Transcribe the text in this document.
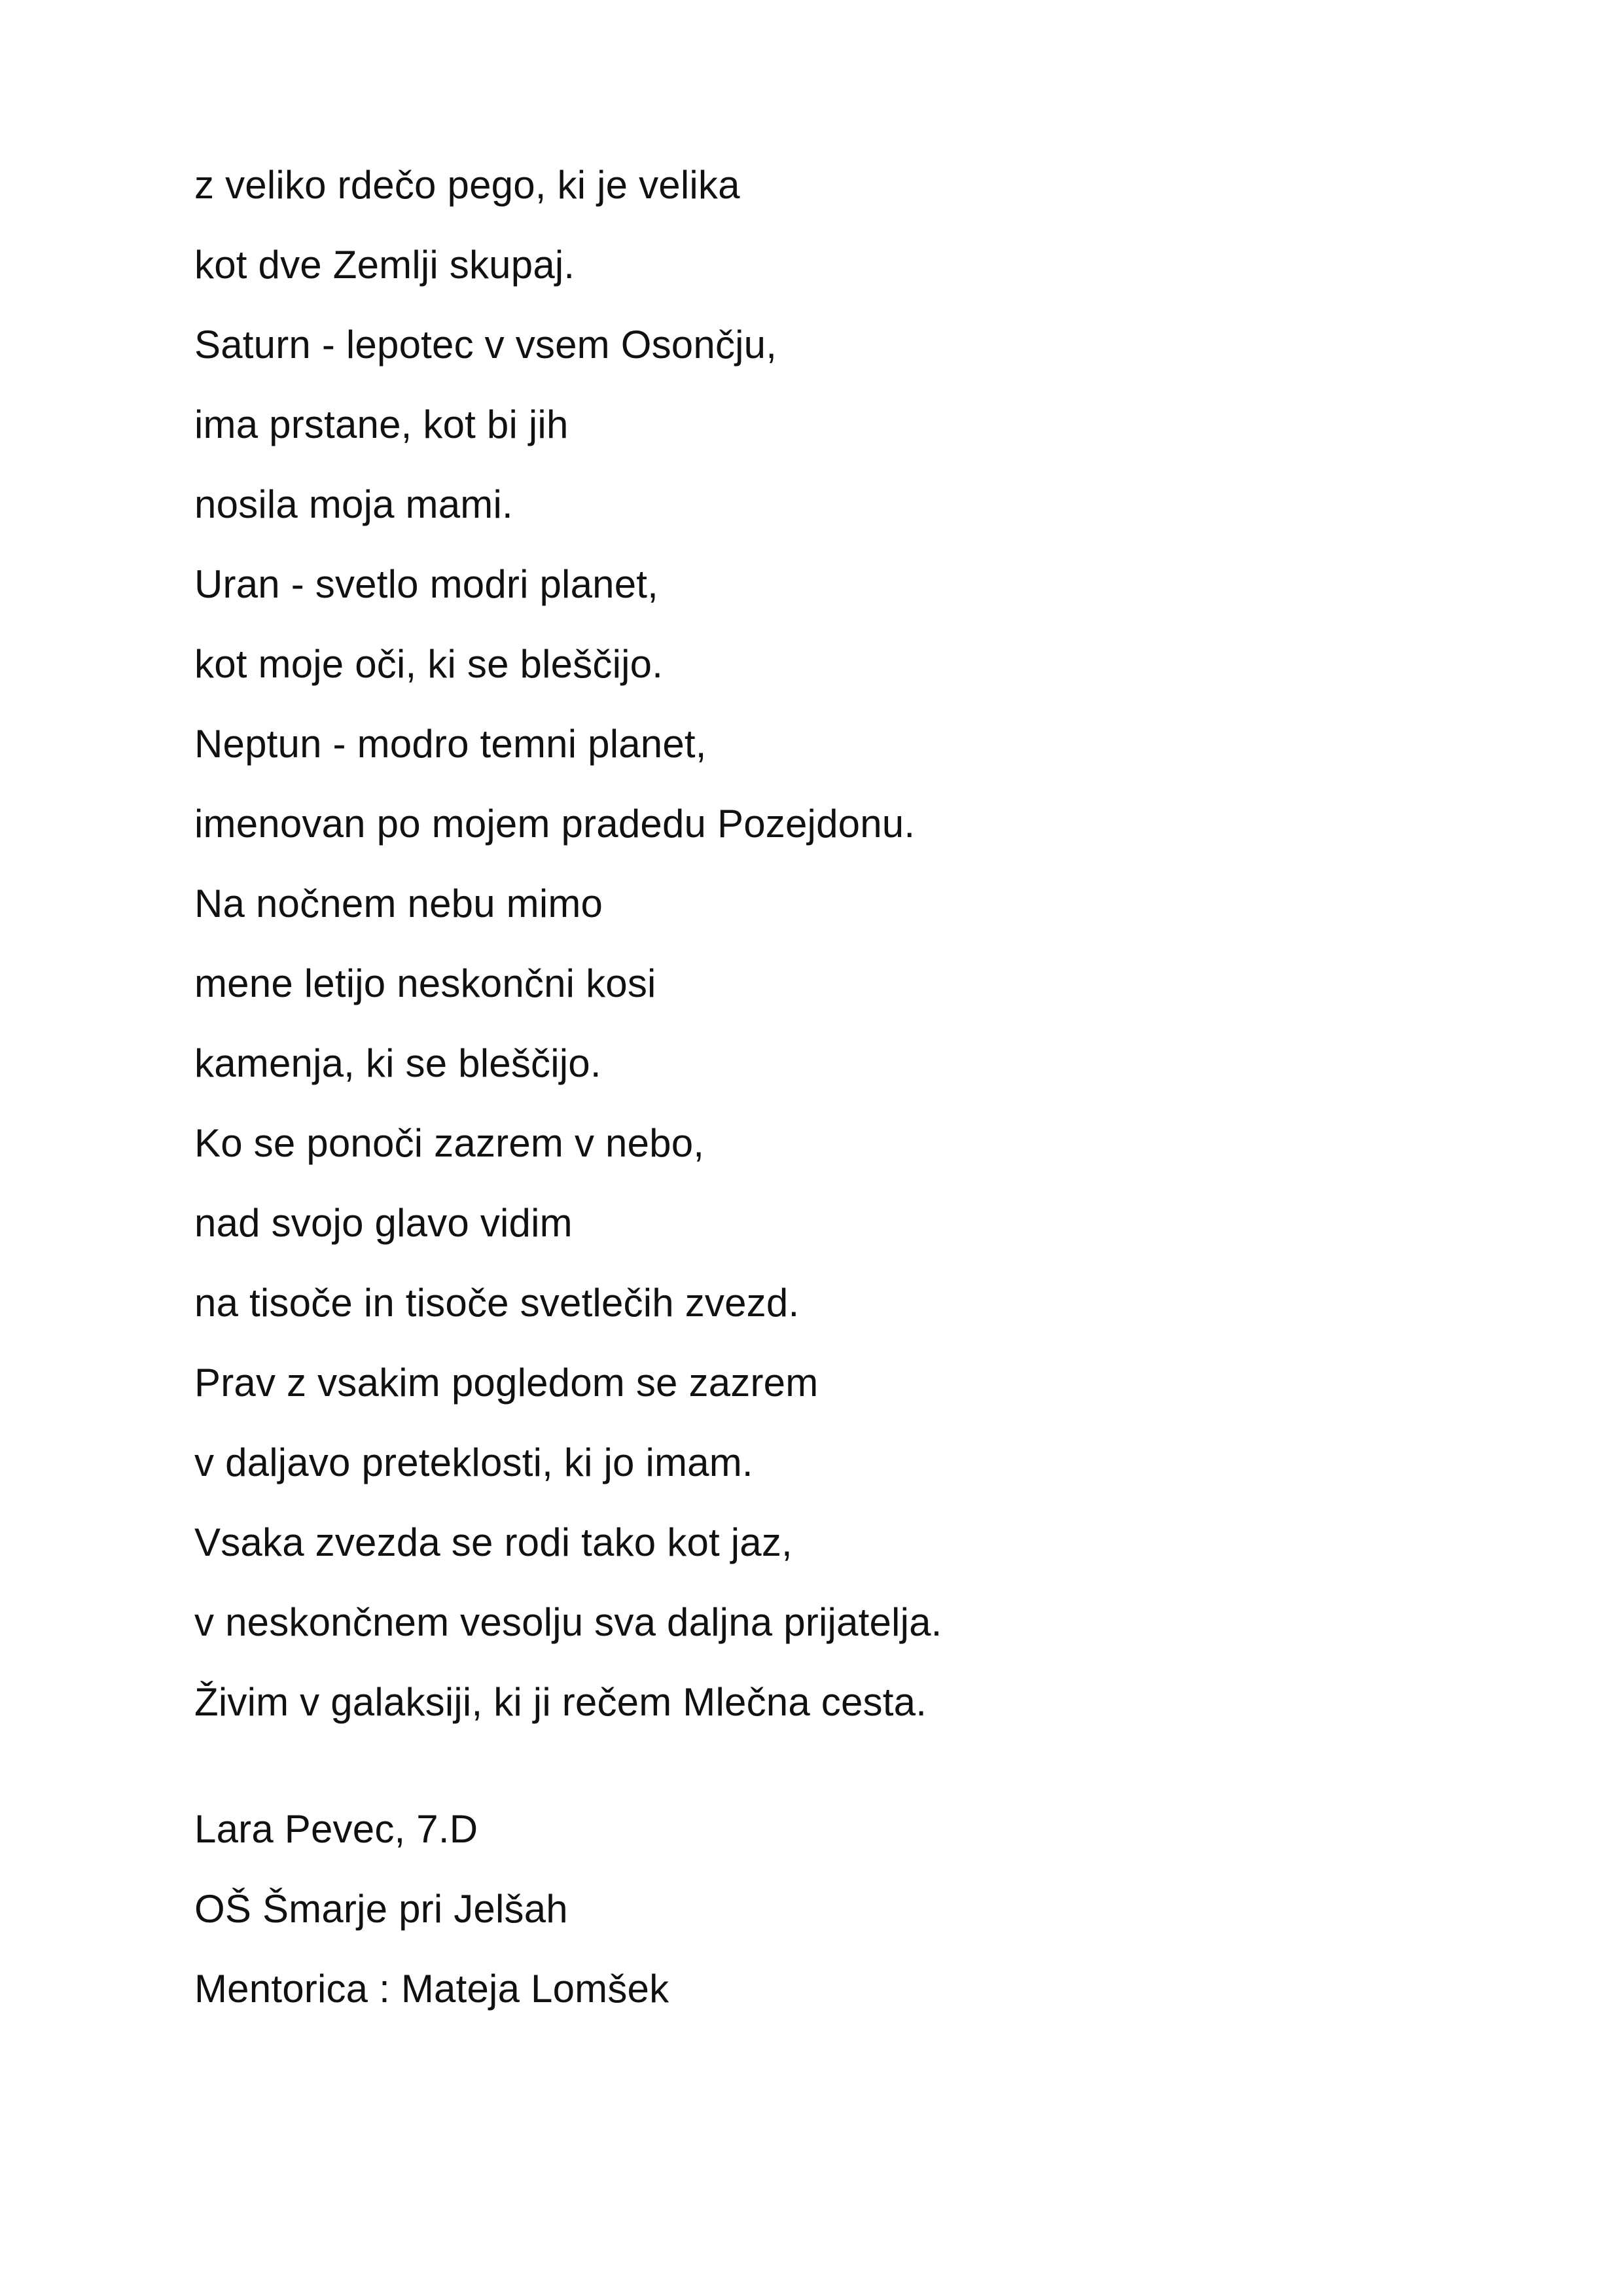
z veliko rdečo pego, ki je velika

kot dve Zemlji skupaj.

Saturn - lepotec v vsem Osončju,

ima prstane, kot bi jih

nosila moja mami.

Uran - svetlo modri planet,

kot moje oči, ki se bleščijo.

Neptun - modro temni planet,

imenovan po mojem pradedu Pozejdonu.

Na nočnem nebu mimo

mene letijo neskončni kosi

kamenja, ki se bleščijo.

Ko se ponoči zazrem v nebo,

nad svojo glavo vidim

na tisoče in tisoče svetlečih zvezd.

Prav z vsakim pogledom se zazrem

v daljavo preteklosti, ki jo imam.

Vsaka zvezda se rodi tako kot jaz,

v neskončnem vesolju sva daljna prijatelja.

Živim v galaksiji, ki ji rečem Mlečna cesta.

Lara Pevec, 7.D

OŠ Šmarje pri Jelšah

Mentorica : Mateja Lomšek
